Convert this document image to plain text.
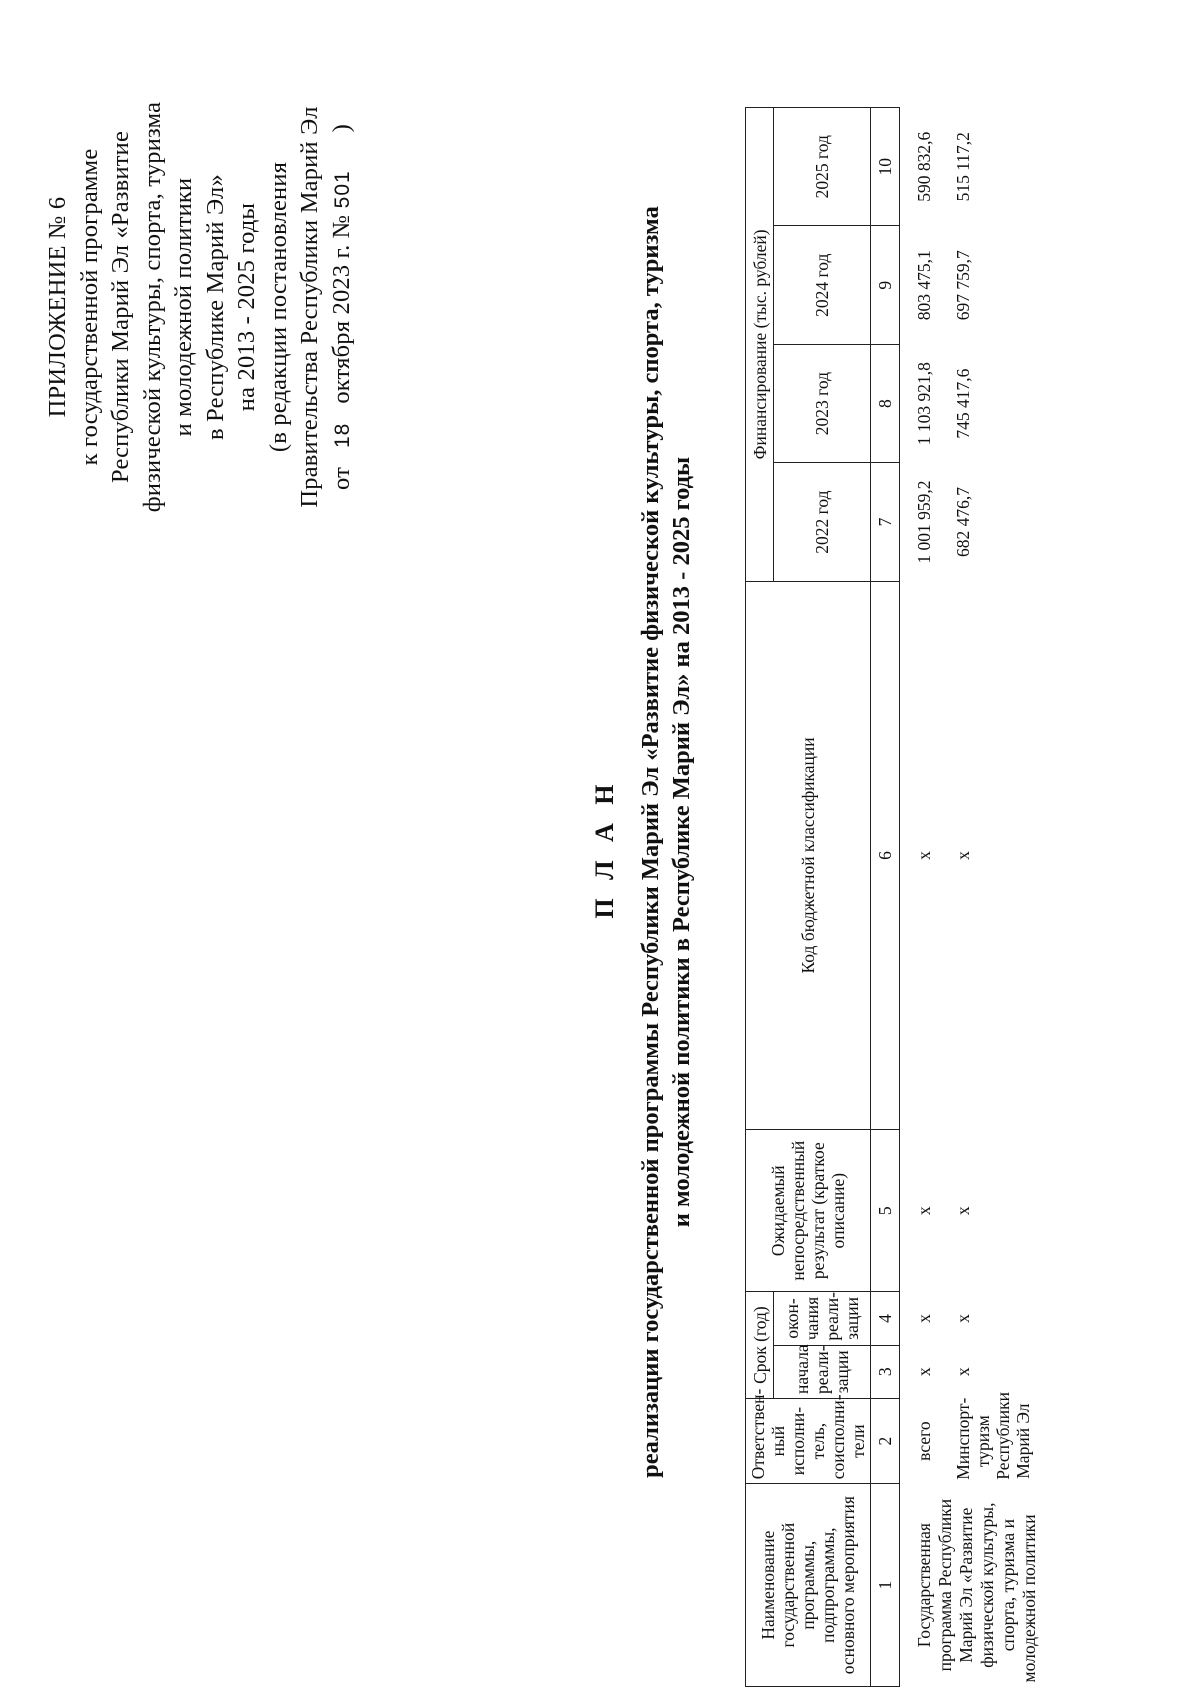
ПРИЛОЖЕНИЕ № 6 к государственной программе Республики Марий Эл «Развитие физической культуры, спорта, туризма и молодежной политики в Республике Марий Эл» на 2013 - 2025 годы (в редакции постановления Правительства Республики Марий Эл от   18   октября 2023 г. № 501      )
П Л А Н реализации государственной программы Республики Марий Эл «Развитие физической культуры, спорта, туризма и молодежной политики в Республике Марий Эл» на 2013 - 2025 годы
Наименование государственной программы, подпрограммы, основного мероприятия	Ответствен-ный исполни-тель, соисполни-тели	Срок (год)		Ожидаемый непосредственный результат (краткое описание)	Код бюджетной классификации	Финансирование (тыс. рублей)			
		начала реали-зации	окон-чания реали-зации			2022 год	2023 год	2024 год	2025 год
1	2	3	4	5	6	7	8	9	10
Государственная программа Республики Марий Эл «Развитие физической культуры, спорта, туризма и молодежной политики	всего	х	х	х	х	1 001 959,2	1 103 921,8	803 475,1	590 832,6
	Минспорт-туризм Республики Марий Эл	х	х	х	х	682 476,7	745 417,6	697 759,7	515 117,2
